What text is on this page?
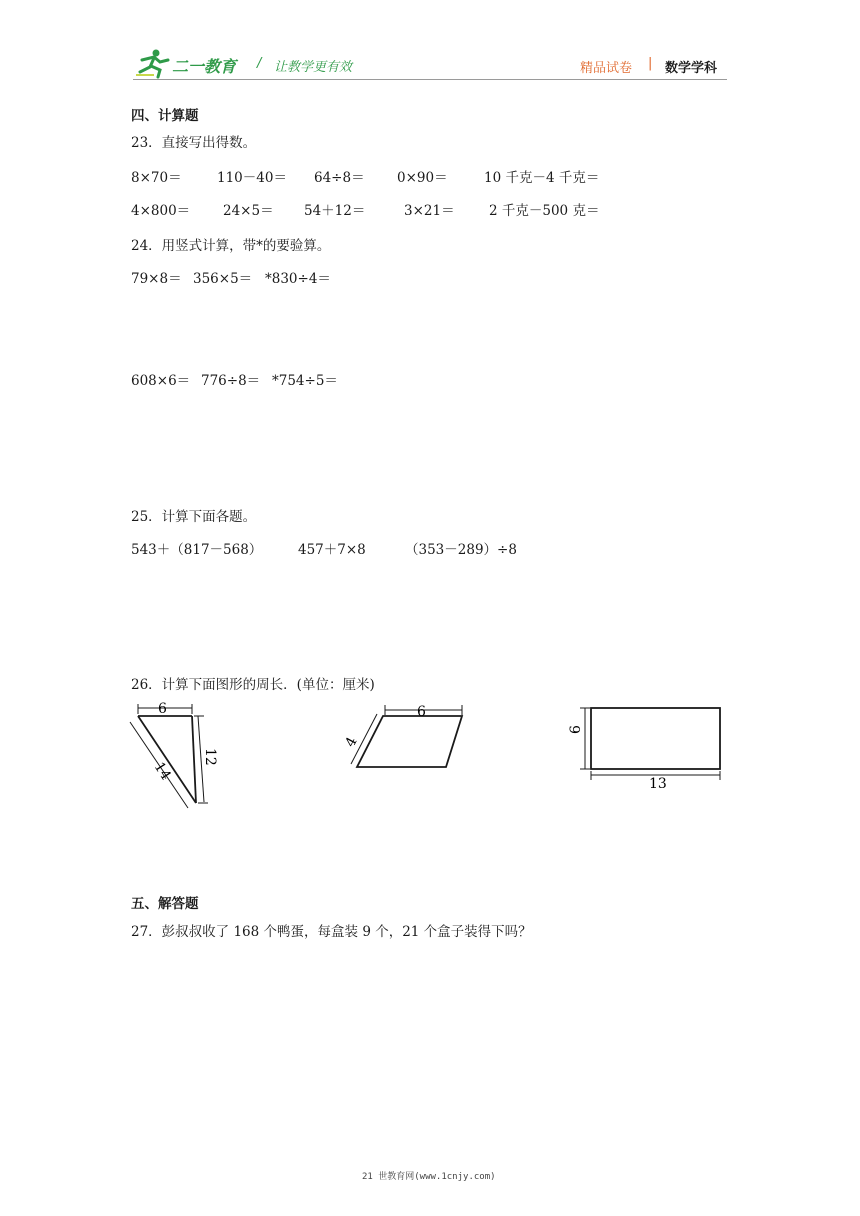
二一教育 / 让教学更有效	精品试卷 | 数学学科
四、计算题
23．直接写出得数。
8×70＝	110－40＝ 64÷8＝ 0×90＝	10 千克－4 千克＝
4×800＝ 24×5＝ 54＋12＝	3×21＝	2 千克－500 克＝
24．用竖式计算，带*的要验算。
79×8＝ 356×5＝ *830÷4＝
608×6＝ 776÷8＝ *754÷5＝
25．计算下面各题。
543＋（817－568）	457＋7×8	（353－289）÷8
26．计算下面图形的周长．(单位：厘米)
6
14
12
6
4
6
13
五、解答题
27．彭叔叔收了 168 个鸭蛋，每盒装 9 个，21 个盒子装得下吗？
21 世教育网(www.1cnjy.com)
